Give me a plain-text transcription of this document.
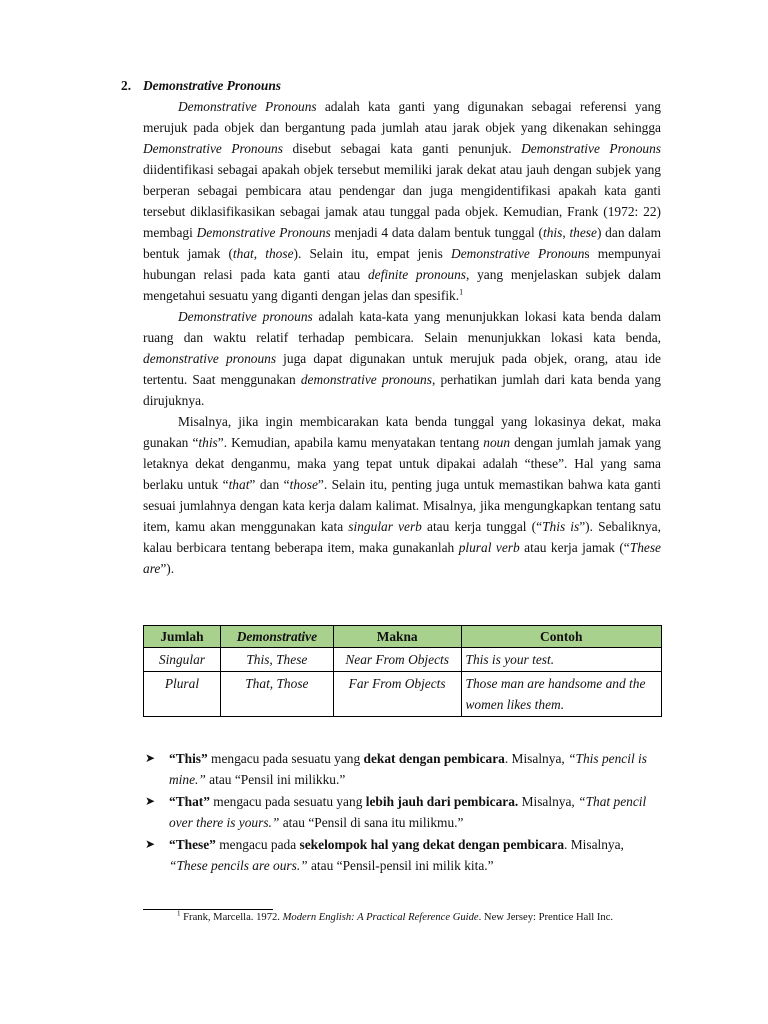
2. Demonstrative Pronouns

Demonstrative Pronouns adalah kata ganti yang digunakan sebagai referensi yang merujuk pada objek dan bergantung pada jumlah atau jarak objek yang dikenakan sehingga Demonstrative Pronouns disebut sebagai kata ganti penunjuk. Demonstrative Pronouns diidentifikasi sebagai apakah objek tersebut memiliki jarak dekat atau jauh dengan subjek yang berperan sebagai pembicara atau pendengar dan juga mengidentifikasi apakah kata ganti tersebut diklasifikasikan sebagai jamak atau tunggal pada objek. Kemudian, Frank (1972: 22) membagi Demonstrative Pronouns menjadi 4 data dalam bentuk tunggal (this, these) dan dalam bentuk jamak (that, those). Selain itu, empat jenis Demonstrative Pronouns mempunyai hubungan relasi pada kata ganti atau definite pronouns, yang menjelaskan subjek dalam mengetahui sesuatu yang diganti dengan jelas dan spesifik.$^1$

Demonstrative pronouns adalah kata-kata yang menunjukkan lokasi kata benda dalam ruang dan waktu relatif terhadap pembicara. Selain menunjukkan lokasi kata benda, demonstrative pronouns juga dapat digunakan untuk merujuk pada objek, orang, atau ide tertentu. Saat menggunakan demonstrative pronouns, perhatikan jumlah dari kata benda yang dirujuknya.

Misalnya, jika ingin membicarakan kata benda tunggal yang lokasinya dekat, maka gunakan “this”. Kemudian, apabila kamu menyatakan tentang noun dengan jumlah jamak yang letaknya dekat denganmu, maka yang tepat untuk dipakai adalah “these”. Hal yang sama berlaku untuk “that” dan “those”. Selain itu, penting juga untuk memastikan bahwa kata ganti sesuai jumlahnya dengan kata kerja dalam kalimat. Misalnya, jika mengungkapkan tentang satu item, kamu akan menggunakan kata singular verb atau kerja tunggal (“This is”). Sebaliknya, kalau berbicara tentang beberapa item, maka gunakanlah plural verb atau kerja jamak (“These are”).

Jumlah	Demonstrative	Makna	Contoh
Singular	This, These	Near From Objects	This is your test.
Plural	That, Those	Far From Objects	Those man are handsome and the women likes them.
➤ “This” mengacu pada sesuatu yang dekat dengan pembicara. Misalnya, “This pencil is mine.” atau “Pensil ini milikku.”
➤ “That” mengacu pada sesuatu yang lebih jauh dari pembicara. Misalnya, “That pencil over there is yours.” atau “Pensil di sana itu milikmu.”
➤ “These” mengacu pada sekelompok hal yang dekat dengan pembicara. Misalnya, “These pencils are ours.” atau “Pensil-pensil ini milik kita.”
$^1$ Frank, Marcella. 1972. Modern English: A Practical Reference Guide. New Jersey: Prentice Hall Inc.
